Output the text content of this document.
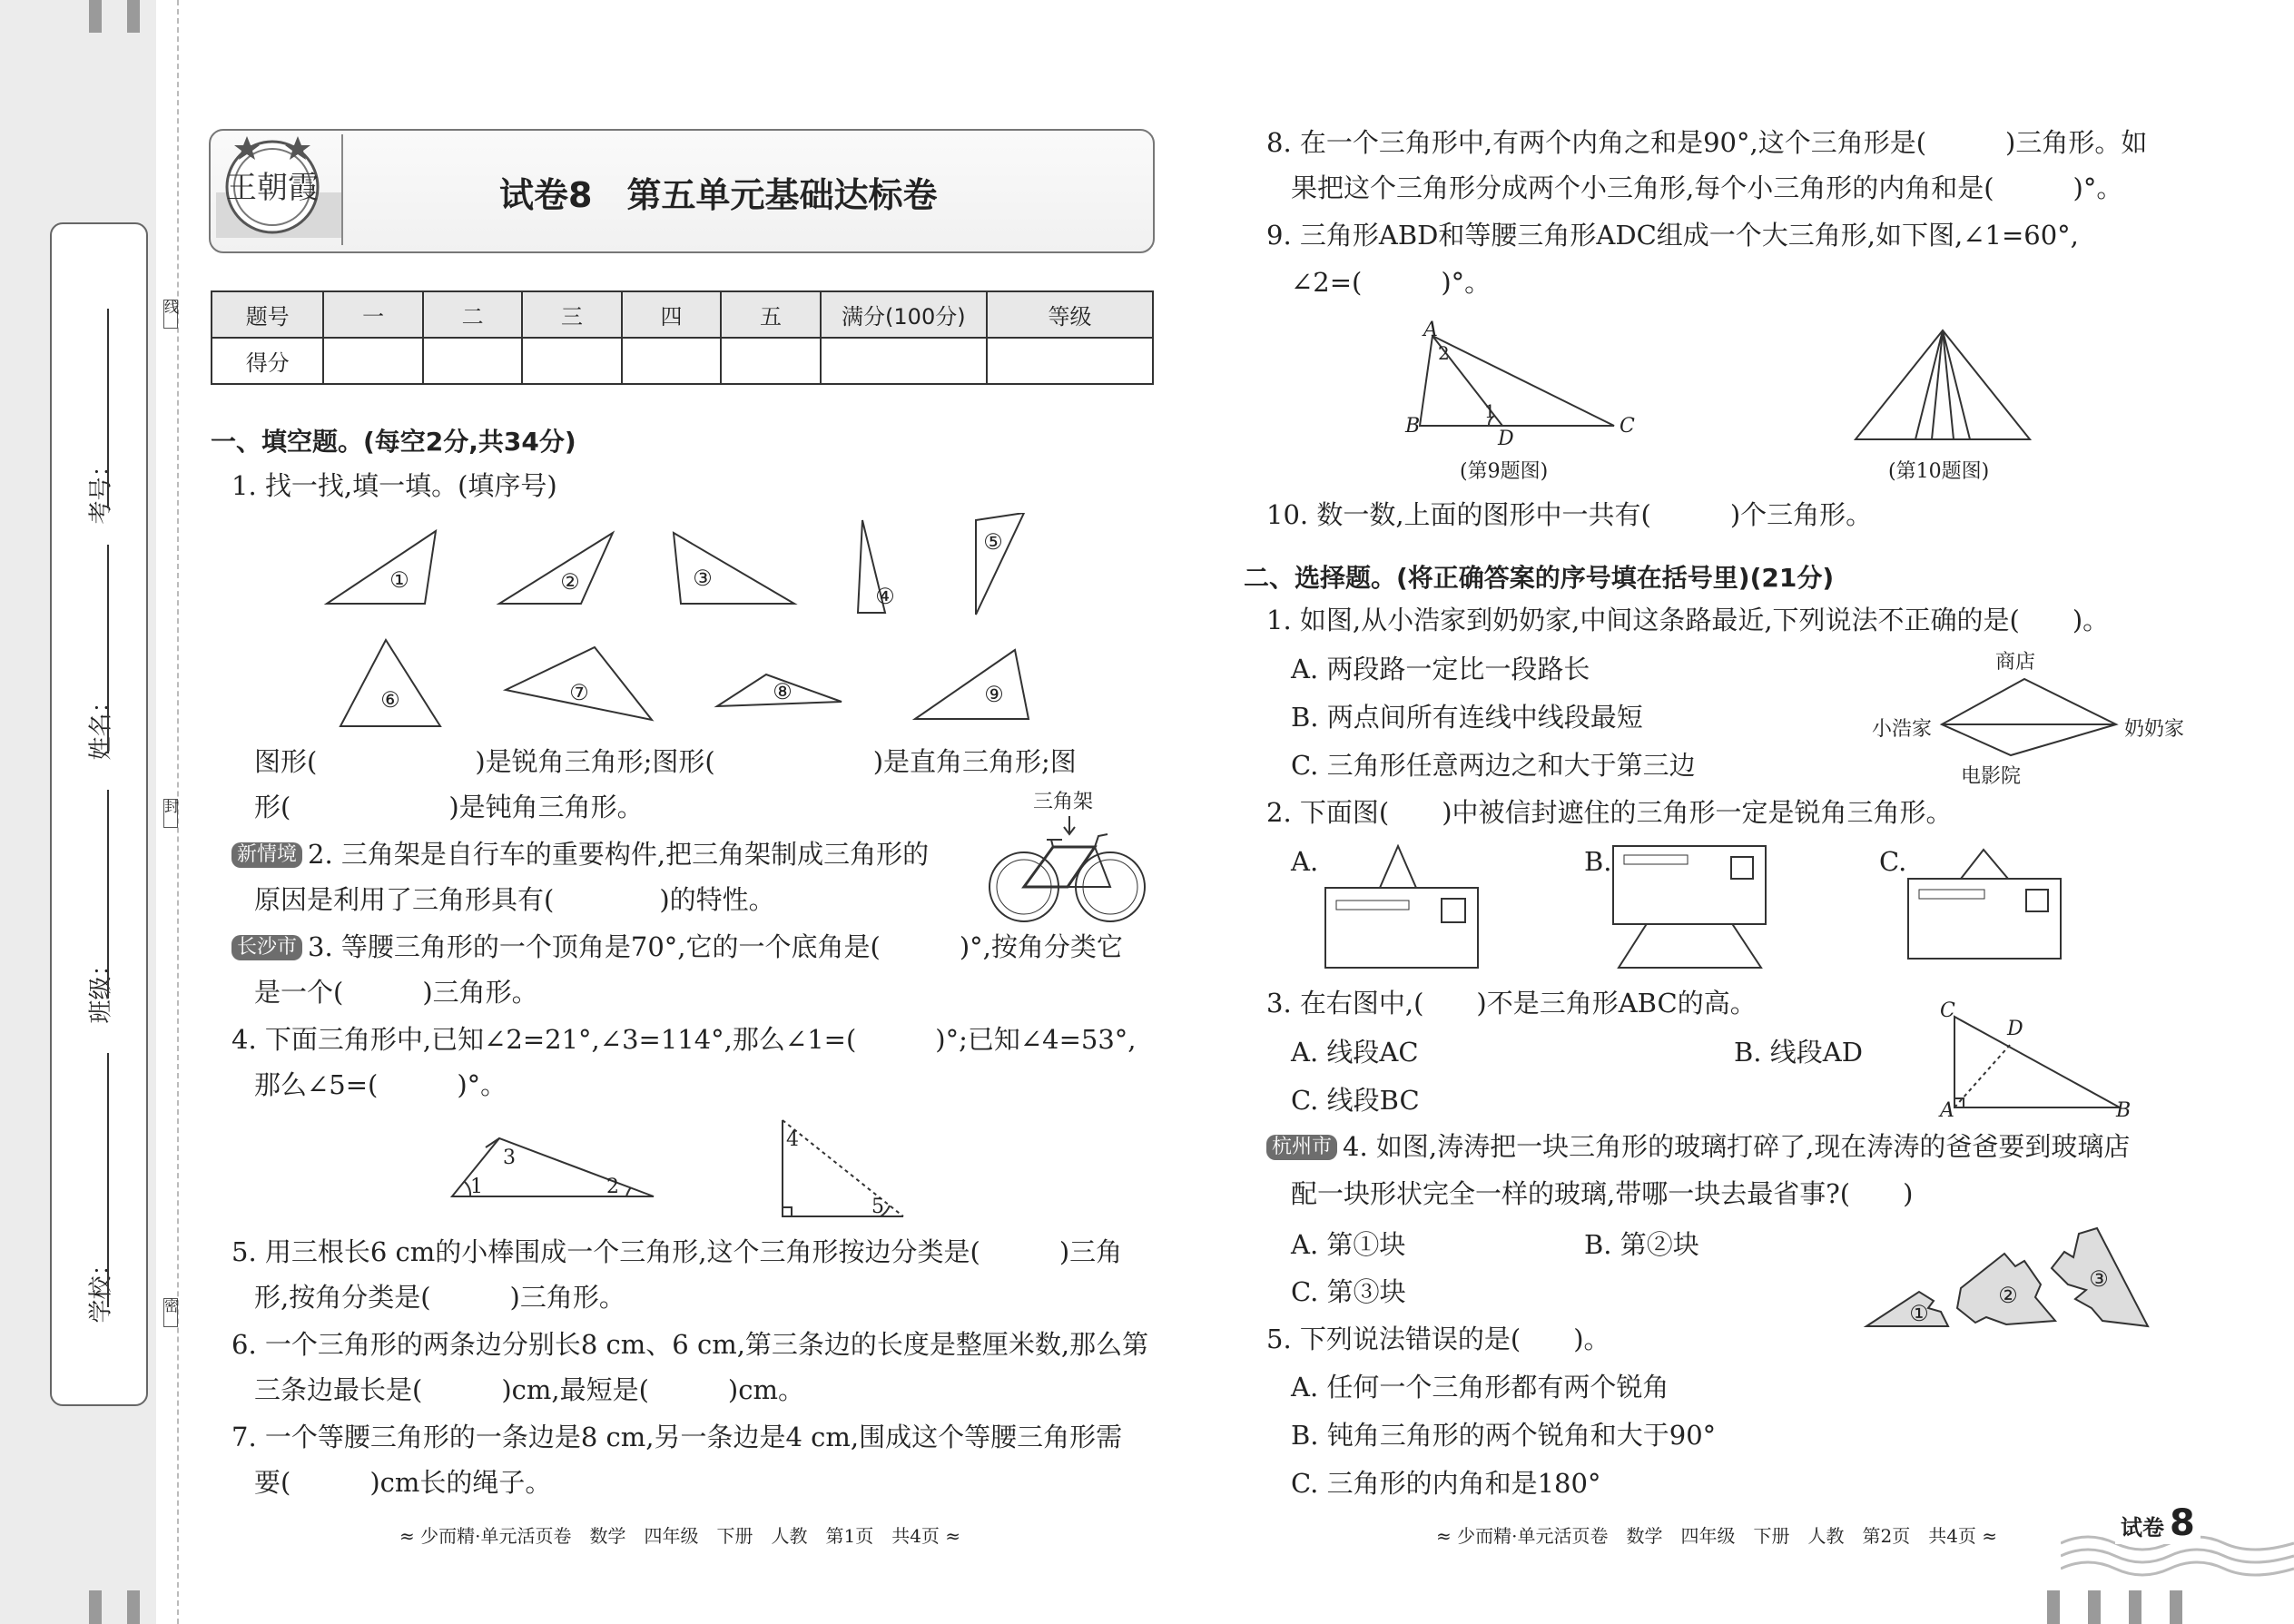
考号：
姓名：
班级：
学校：
线
封
密
王朝霞	试卷8　第五单元基础达标卷
题号	一	二	三	四	五	满分(100分)	等级
得分							
一、填空题。(每空2分,共34分)
1. 找一找,填一填。(填序号)
①	②	③
④
⑤
⑥	⑦	⑧	⑨
图形(　　　　　　)是锐角三角形;图形(　　　　　　)是直角三角形;图
形(　　　　　　)是钝角三角形。
新情境 2. 三角架是自行车的重要构件,把三角架制成三角形的
原因是利用了三角形具有(　　　　)的特性。
三角架
长沙市 3. 等腰三角形的一个顶角是70°,它的一个底角是(　　　)°,按角分类它
是一个(　　　)三角形。
4. 下面三角形中,已知∠2=21°,∠3=114°,那么∠1=(　　　)°;已知∠4=53°,
那么∠5=(　　　)°。
1
3
2
4
5
5. 用三根长6 cm的小棒围成一个三角形,这个三角形按边分类是(　　　)三角
形,按角分类是(　　　)三角形。
6. 一个三角形的两条边分别长8 cm、6 cm,第三条边的长度是整厘米数,那么第
三条边最长是(　　　)cm,最短是(　　　)cm。
7. 一个等腰三角形的一条边是8 cm,另一条边是4 cm,围成这个等腰三角形需
要(　　　)cm长的绳子。
≈ 少而精·单元活页卷　数学　四年级　下册　人教　第1页　共4页 ≈
8. 在一个三角形中,有两个内角之和是90°,这个三角形是(　　　)三角形。如
果把这个三角形分成两个小三角形,每个小三角形的内角和是(　　　)°。
9. 三角形ABD和等腰三角形ADC组成一个大三角形,如下图,∠1=60°,
∠2=(　　　)°。
A
B	C
D
2
1
(第9题图)	(第10题图)
10. 数一数,上面的图形中一共有(　　　)个三角形。
二、选择题。(将正确答案的序号填在括号里)(21分)
1. 如图,从小浩家到奶奶家,中间这条路最近,下列说法不正确的是(　　)。
A. 两段路一定比一段路长
B. 两点间所有连线中线段最短
C. 三角形任意两边之和大于第三边
商店
小浩家	奶奶家
电影院
2. 下面图(　　)中被信封遮住的三角形一定是锐角三角形。
A.	B.	C.
3. 在右图中,(　　)不是三角形ABC的高。
A. 线段AC	B. 线段AD
C. 线段BC
C
D
A	B
杭州市 4. 如图,涛涛把一块三角形的玻璃打碎了,现在涛涛的爸爸要到玻璃店
配一块形状完全一样的玻璃,带哪一块去最省事?(　　)
A. 第①块	B. 第②块
C. 第③块
①
②
③
5. 下列说法错误的是(　　)。
A. 任何一个三角形都有两个锐角
B. 钝角三角形的两个锐角和大于90°
C. 三角形的内角和是180°
≈ 少而精·单元活页卷　数学　四年级　下册　人教　第2页　共4页 ≈	试卷 8
